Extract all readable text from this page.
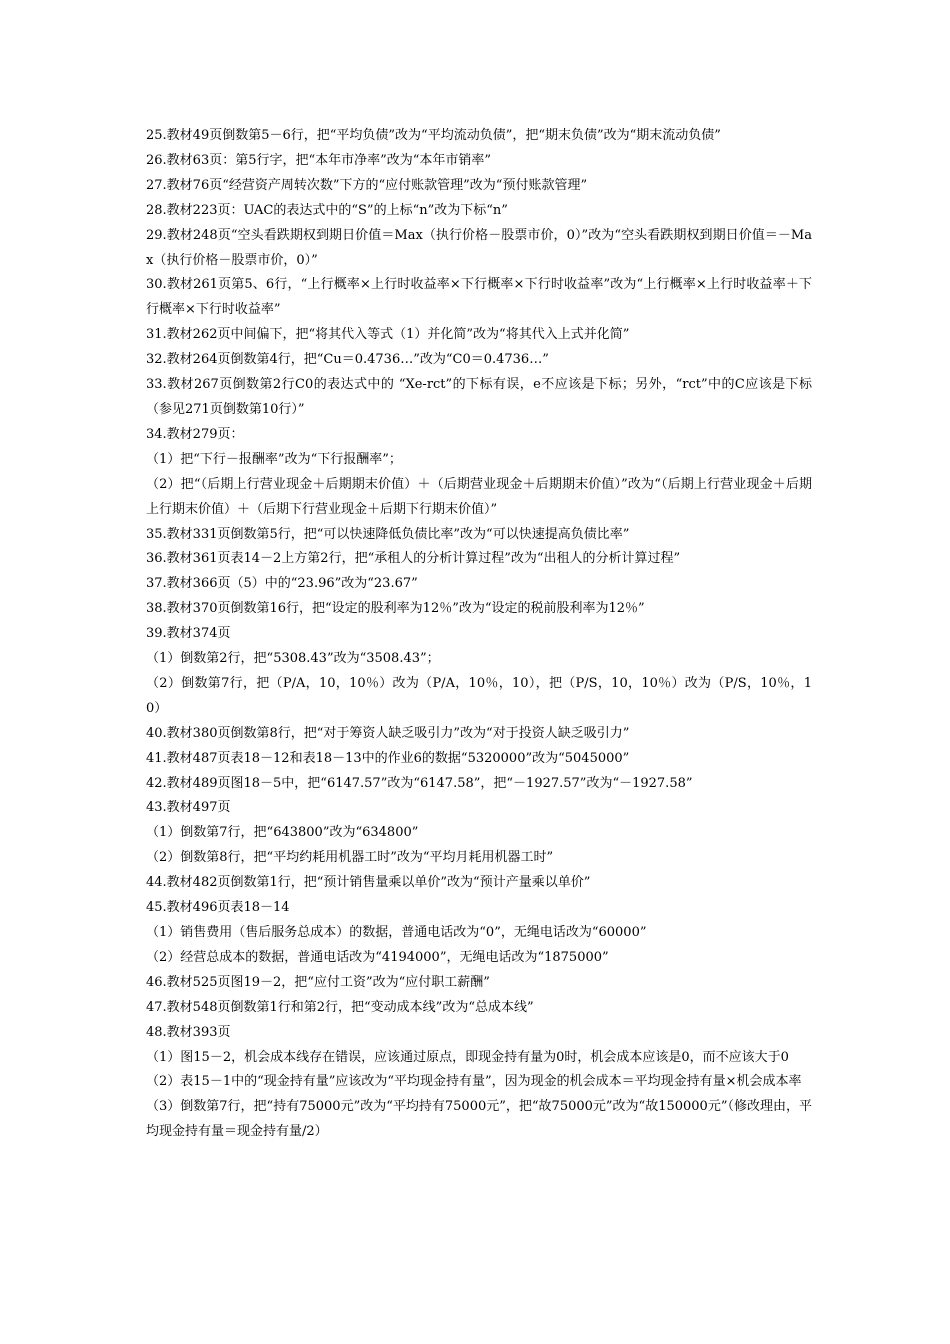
25.教材49页倒数第5－6行，把“平均负债”改为“平均流动负债”，把“期末负债”改为“期末流动负债”

26.教材63页：第5行字，把“本年市净率”改为“本年市销率”

27.教材76页“经营资产周转次数”下方的“应付账款管理”改为“预付账款管理”

28.教材223页：UAC的表达式中的“S”的上标“n”改为下标“n”

29.教材248页“空头看跌期权到期日价值＝Max（执行价格－股票市价，0）”改为“空头看跌期权到期日价值＝－Max（执行价格－股票市价，0）”

30.教材261页第5、6行，“上行概率×上行时收益率×下行概率×下行时收益率”改为“上行概率×上行时收益率＋下行概率×下行时收益率”

31.教材262页中间偏下，把“将其代入等式（1）并化简”改为“将其代入上式并化简”

32.教材264页倒数第4行，把“Cu＝0.4736…”改为“C0＝0.4736…”

33.教材267页倒数第2行C0的表达式中的 “Xe-rct”的下标有误，e不应该是下标；另外，“rct”中的C应该是下标（参见271页倒数第10行）”

34.教材279页：

（1）把“下行－报酬率”改为“下行报酬率”；

（2）把“（后期上行营业现金＋后期期末价值）＋（后期营业现金＋后期期末价值）”改为“（后期上行营业现金＋后期上行期末价值）＋（后期下行营业现金＋后期下行期末价值）”

35.教材331页倒数第5行，把“可以快速降低负债比率”改为“可以快速提高负债比率”

36.教材361页表14－2上方第2行，把“承租人的分析计算过程”改为“出租人的分析计算过程”

37.教材366页（5）中的“23.96”改为“23.67”

38.教材370页倒数第16行，把“设定的股利率为12％”改为“设定的税前股利率为12％”

39.教材374页

（1）倒数第2行，把“5308.43”改为“3508.43”；

（2）倒数第7行，把（P/A，10，10％）改为（P/A，10％，10），把（P/S，10，10％）改为（P/S，10％，10）

40.教材380页倒数第8行，把“对于筹资人缺乏吸引力”改为“对于投资人缺乏吸引力”

41.教材487页表18－12和表18－13中的作业6的数据“5320000”改为“5045000”

42.教材489页图18－5中，把“6147.57”改为“6147.58”，把“－1927.57”改为“－1927.58”

43.教材497页

（1）倒数第7行，把“643800”改为“634800”

（2）倒数第8行，把“平均约耗用机器工时”改为“平均月耗用机器工时”

44.教材482页倒数第1行，把“预计销售量乘以单价”改为“预计产量乘以单价”

45.教材496页表18－14

（1）销售费用（售后服务总成本）的数据，普通电话改为“0”，无绳电话改为“60000”

（2）经营总成本的数据，普通电话改为“4194000”，无绳电话改为“1875000”

46.教材525页图19－2，把“应付工资”改为“应付职工薪酬”

47.教材548页倒数第1行和第2行，把“变动成本线”改为“总成本线”

48.教材393页

（1）图15－2，机会成本线存在错误，应该通过原点，即现金持有量为0时，机会成本应该是0，而不应该大于0

（2）表15－1中的“现金持有量”应该改为“平均现金持有量”，因为现金的机会成本＝平均现金持有量×机会成本率

（3）倒数第7行，把“持有75000元”改为“平均持有75000元”，把“故75000元”改为“故150000元”（修改理由，平均现金持有量＝现金持有量/2）
